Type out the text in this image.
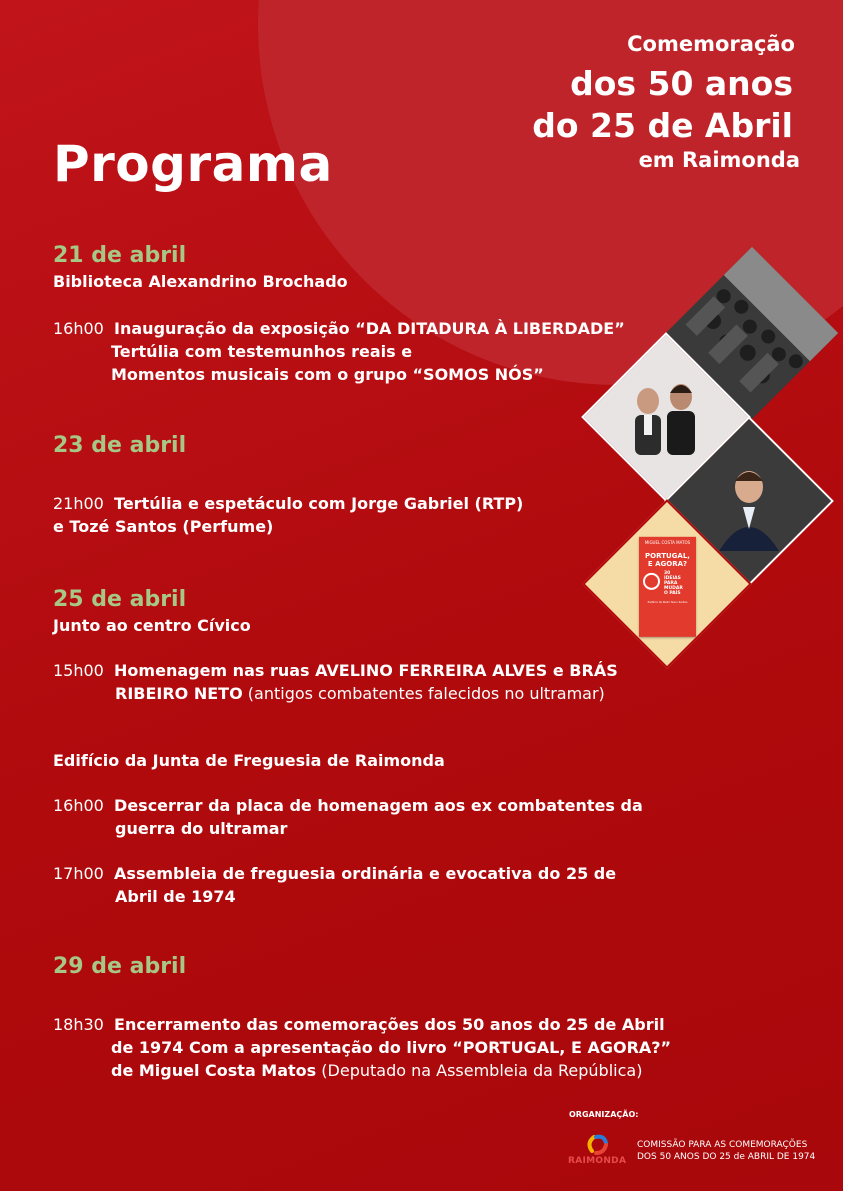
Comemoração
dos 50 anos
do 25 de Abril
em Raimonda
Programa
21 de abril
Biblioteca Alexandrino Brochado
16h00 Inauguração da exposição “DA DITADURA À LIBERDADE”
Tertúlia com testemunhos reais e
Momentos musicais com o grupo “SOMOS NÓS”
23 de abril
21h00 Tertúlia e espetáculo com Jorge Gabriel (RTP)
e Tozé Santos (Perfume)
25 de abril
Junto ao centro Cívico
15h00 Homenagem nas ruas AVELINO FERREIRA ALVES e BRÁS
RIBEIRO NETO (antigos combatentes falecidos no ultramar)
Edifício da Junta de Freguesia de Raimonda
16h00 Descerrar da placa de homenagem aos ex combatentes da
guerra do ultramar
17h00 Assembleia de freguesia ordinária e evocativa do 25 de
Abril de 1974
29 de abril
18h30 Encerramento das comemorações dos 50 anos do 25 de Abril
de 1974 Com a apresentação do livro “PORTUGAL, E AGORA?”
de Miguel Costa Matos (Deputado na Assembleia da República)
MIGUEL COSTA MATOS
PORTUGAL,
E AGORA?
30
IDEIAS
PARA
MUDAR
O PAÍS
Prefácio de Pedro Nuno Santos
ORGANIZAÇÃO:
RAIMONDA
COMISSÃO PARA AS COMEMORAÇÕES
DOS 50 ANOS DO 25 de ABRIL DE 1974
